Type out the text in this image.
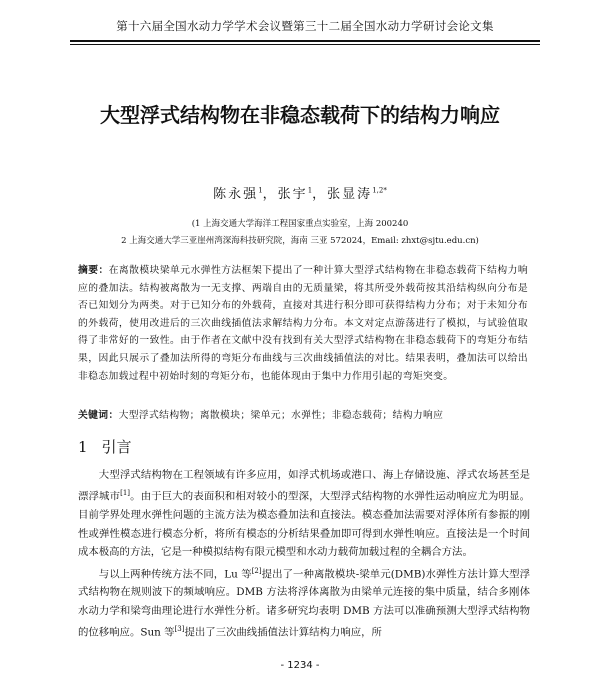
第十六届全国水动力学学术会议暨第三十二届全国水动力学研讨会论文集
大型浮式结构物在非稳态载荷下的结构力响应
陈永强$^1$，张宇$^1$，张显涛$^{1,2*}$
(1 上海交通大学海洋工程国家重点实验室，上海 200240
2 上海交通大学三亚崖州湾深海科技研究院，海南 三亚 572024，Email: zhxt@sjtu.edu.cn)
摘要：在离散模块梁单元水弹性方法框架下提出了一种计算大型浮式结构物在非稳态载荷下结构力响应的叠加法。结构被离散为一无支撑、两端自由的无质量梁，将其所受外载荷按其沿结构纵向分布是否已知划分为两类。对于已知分布的外载荷，直接对其进行积分即可获得结构力分布；对于未知分布的外载荷，使用改进后的三次曲线插值法求解结构力分布。本文对定点游荡进行了模拟，与试验值取得了非常好的一致性。由于作者在文献中没有找到有关大型浮式结构物在非稳态载荷下的弯矩分布结果，因此只展示了叠加法所得的弯矩分布曲线与三次曲线插值法的对比。结果表明，叠加法可以给出非稳态加载过程中初始时刻的弯矩分布，也能体现由于集中力作用引起的弯矩突变。
关键词：大型浮式结构物；离散模块；梁单元；水弹性；非稳态载荷；结构力响应
1 引言

大型浮式结构物在工程领域有许多应用，如浮式机场或港口、海上存储设施、浮式农场甚至是漂浮城市[1]。由于巨大的表面积和相对较小的型深，大型浮式结构物的水弹性运动响应尤为明显。目前学界处理水弹性问题的主流方法为模态叠加法和直接法。模态叠加法需要对浮体所有参振的刚性或弹性模态进行模态分析，将所有模态的分析结果叠加即可得到水弹性响应。直接法是一个时间成本极高的方法，它是一种模拟结构有限元模型和水动力载荷加载过程的全耦合方法。

与以上两种传统方法不同，Lu 等[2]提出了一种离散模块-梁单元(DMB)水弹性方法计算大型浮式结构物在规则波下的频域响应。DMB 方法将浮体离散为由梁单元连接的集中质量，结合多刚体水动力学和梁弯曲理论进行水弹性分析。诸多研究均表明 DMB 方法可以准确预测大型浮式结构物的位移响应。Sun 等[3]提出了三次曲线插值法计算结构力响应，所

- 1234 -
